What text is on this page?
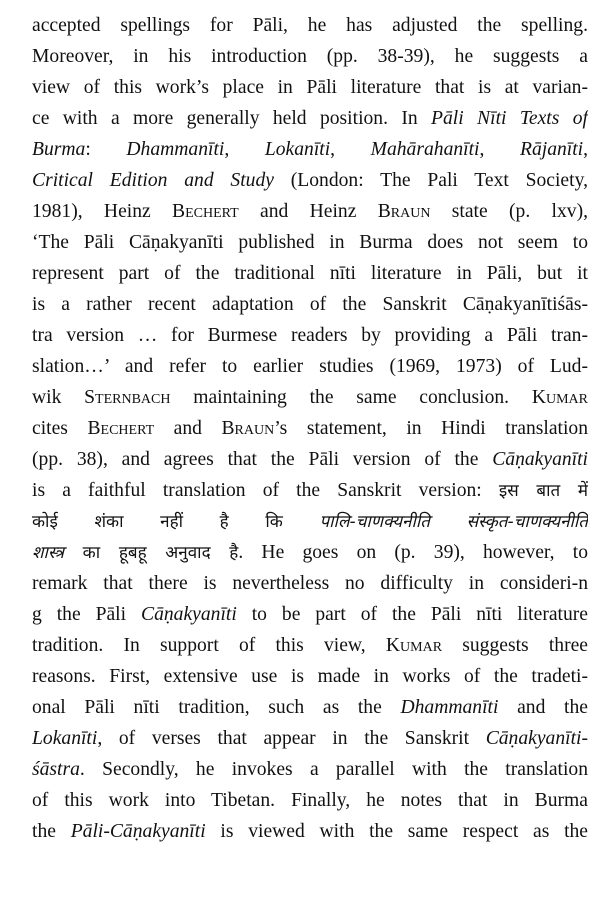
accepted spellings for Pāli, he has adjusted the spelling.
Moreover, in his introduction (pp. 38-39), he suggests a
view of this work’s place in Pāli literature that is at varian-
ce with a more generally held position. In Pāli Nīti Texts of
Burma: Dhammanīti, Lokanīti, Mahārahanīti, Rājanīti,
Critical Edition and Study (London: The Pali Text Society,
1981), Heinz Bechert and Heinz Braun state (p. lxv),
‘The Pāli Cāṇakyanīti published in Burma does not seem to
represent part of the traditional nīti literature in Pāli, but it
is a rather recent adaptation of the Sanskrit Cāṇakyanītiśās-
tra version … for Burmese readers by providing a Pāli tran-
slation…’ and refer to earlier studies (1969, 1973) of Lud-
wik Sternbach maintaining the same conclusion. Kumar
cites Bechert and Braun’s statement, in Hindi translation
(pp. 38), and agrees that the Pāli version of the Cāṇakyanīti
is a faithful translation of the Sanskrit version: इस बात में
कोई शंका नहीं है कि पालि-चाणक्यनीति संस्कृत-चाणक्यनीति
शास्त्र का हूबहू अनुवाद है. He goes on (p. 39), however, to
remark that there is nevertheless no difficulty in consideri-n
g the Pāli Cāṇakyanīti to be part of the Pāli nīti literature
tradition. In support of this view, Kumar suggests three
reasons. First, extensive use is made in works of the tradeti-
onal Pāli nīti tradition, such as the Dhammanīti and the
Lokanīti, of verses that appear in the Sanskrit Cāṇakyanīti-
śāstra. Secondly, he invokes a parallel with the translation
of this work into Tibetan. Finally, he notes that in Burma
the Pāli-Cāṇakyanīti is viewed with the same respect as the
